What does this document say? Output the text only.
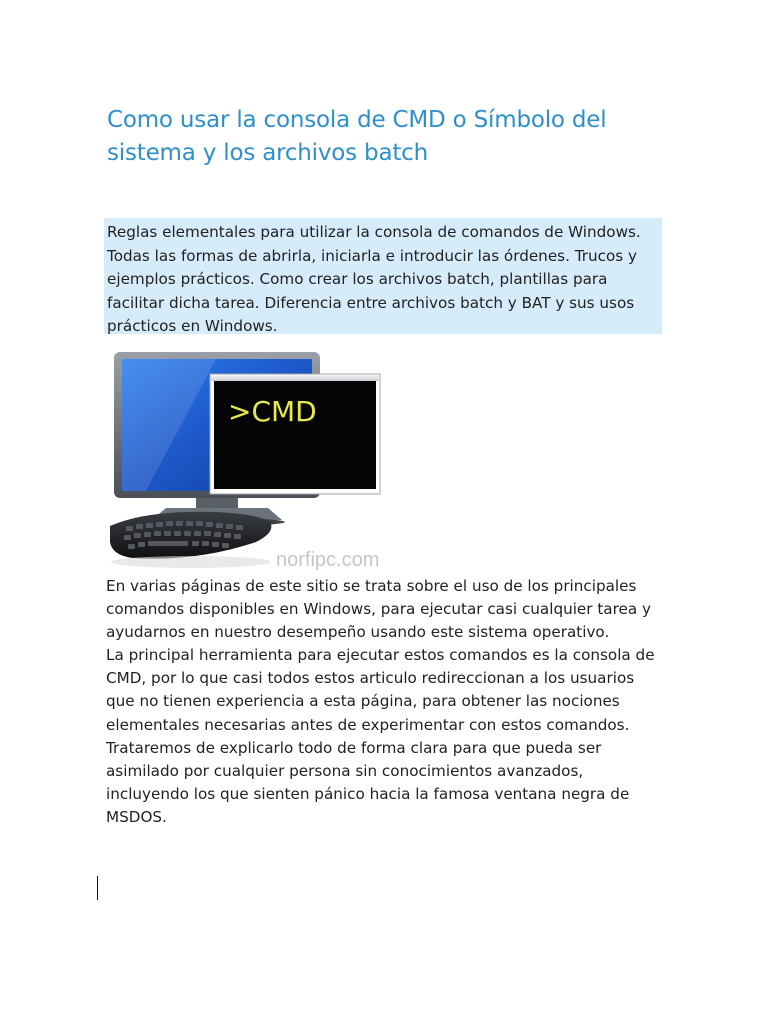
Como usar la consola de CMD o Símbolo del sistema y los archivos batch

Reglas elementales para utilizar la consola de comandos de Windows. Todas las formas de abrirla, iniciarla e introducir las órdenes. Trucos y ejemplos prácticos. Como crear los archivos batch, plantillas para facilitar dicha tarea. Diferencia entre archivos batch y BAT y sus usos prácticos en Windows.

>CMD
norfipc.com

En varias páginas de este sitio se trata sobre el uso de los principales comandos disponibles en Windows, para ejecutar casi cualquier tarea y ayudarnos en nuestro desempeño usando este sistema operativo.

La principal herramienta para ejecutar estos comandos es la consola de CMD, por lo que casi todos estos articulo redireccionan a los usuarios que no tienen experiencia a esta página, para obtener las nociones elementales necesarias antes de experimentar con estos comandos.

Trataremos de explicarlo todo de forma clara para que pueda ser asimilado por cualquier persona sin conocimientos avanzados, incluyendo los que sienten pánico hacia la famosa ventana negra de MSDOS.
